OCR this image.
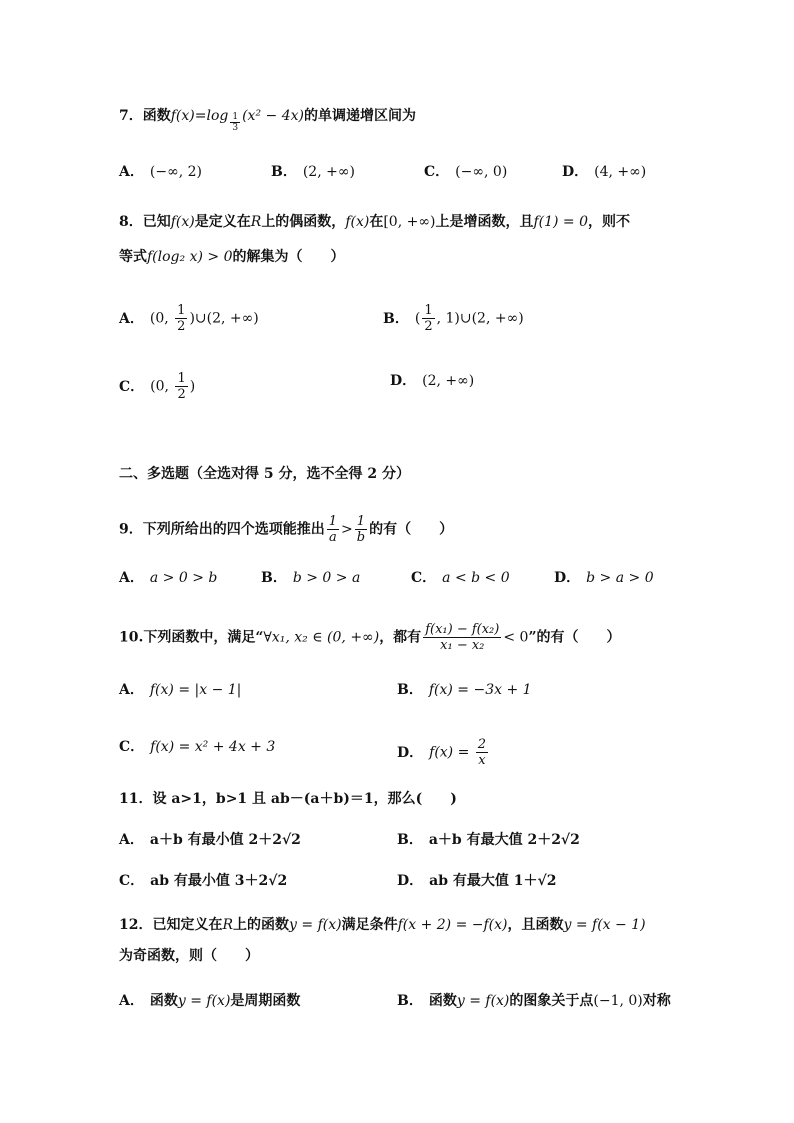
7．函数$f(x)=\log \frac{1}{3} (x^2 - 4x)$的单调递增区间为
A． (−∞, 2)	B． (2, +∞)	C． (−∞, 0)	D． (4, +∞)
8．已知f(x)是定义在R上的偶函数，f(x)在[0, +∞)上是增函数，且f(1) = 0，则不
等式f(log₂ x) > 0的解集为（　　）
A． (0, $\frac{1}{2}$ )∪(2, +∞)	B． ( $\frac{1}{2}$ , 1)∪(2, +∞)
C． (0, $\frac{1}{2}$ )	D． (2, +∞)
二、多选题（全选对得 5 分，选不全得 2 分）
9．下列所给出的四个选项能推出 $\frac{1}{a} > \frac{1}{b}$ 的有（　　）
A． a > 0 > b	B． b > 0 > a	C． a < b < 0	D． b > a > 0
10.下列函数中，满足“∀x₁, x₂ ∈ (0, +∞)，都有 $\frac{\text{f(x₁) − f(x₂)}}{\text{x₁ − x₂}} < 0$”的有（　　）
A． f(x) = |x − 1|	B． f(x) = −3x + 1
C． f(x) = x² + 4x + 3	D． $f(x) = \frac{2}{x}$
11．设 a>1，b>1 且 ab－(a＋b)＝1，那么(　　)
A． a＋b 有最小值 2＋2√2	B． a＋b 有最大值 2＋2√2
C． ab 有最小值 3＋2√2	D． ab 有最大值 1＋√2
12．已知定义在R上的函数y = f(x)满足条件f(x + 2) = −f(x)，且函数y = f(x − 1)
为奇函数，则（　　）
A． 函数y = f(x)是周期函数	B． 函数y = f(x)的图象关于点(−1, 0)对称
